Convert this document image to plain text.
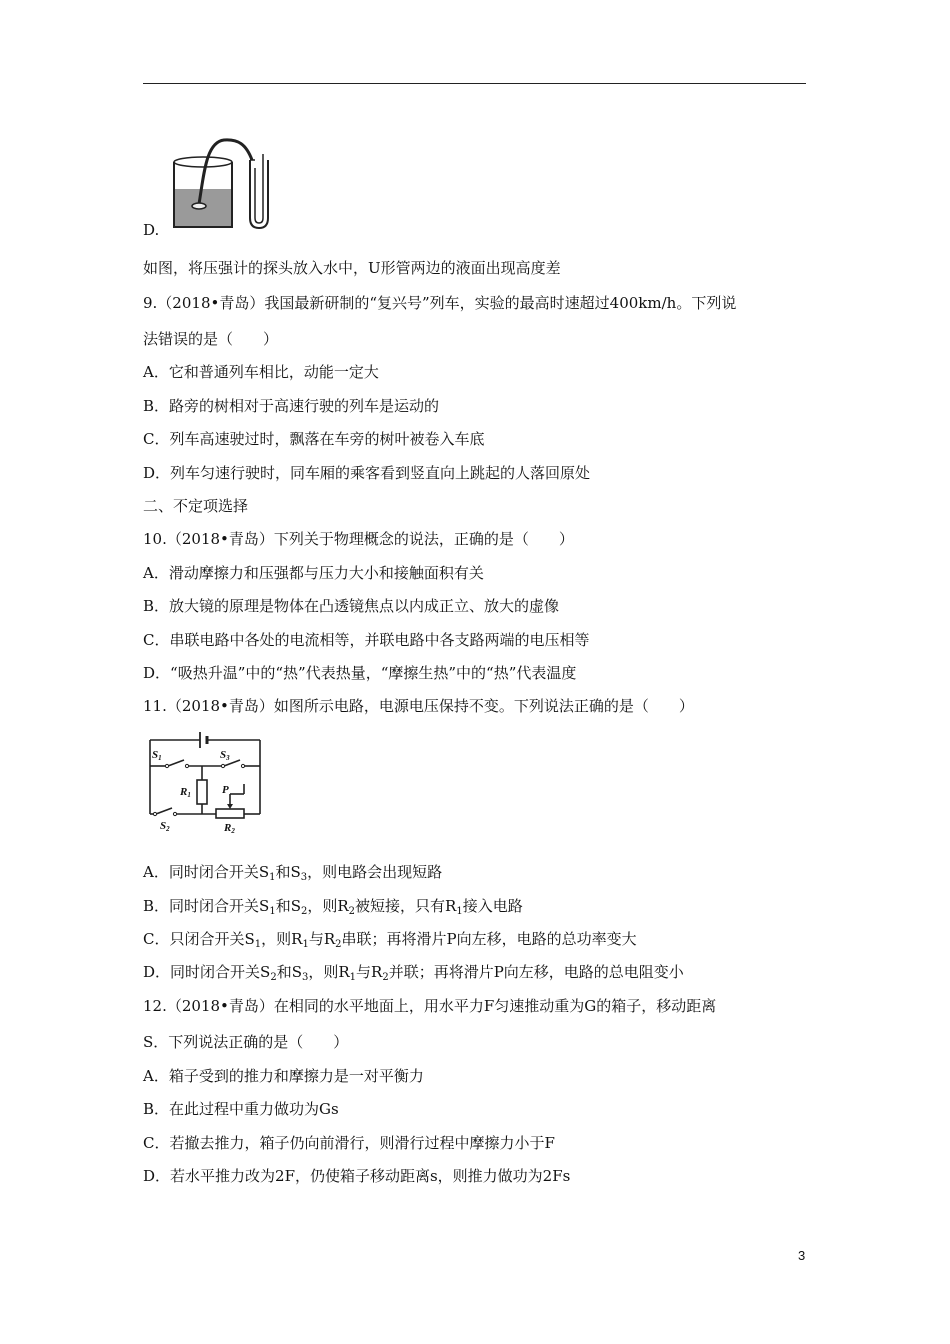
D.
如图，将压强计的探头放入水中，U形管两边的液面出现高度差
9.（2018•青岛）我国最新研制的“复兴号”列车，实验的最高时速超过400km/h。下列说
法错误的是（　　）
A．它和普通列车相比，动能一定大
B．路旁的树相对于高速行驶的列车是运动的
C．列车高速驶过时，飘落在车旁的树叶被卷入车底
D．列车匀速行驶时，同车厢的乘客看到竖直向上跳起的人落回原处
二、不定项选择
10.（2018•青岛）下列关于物理概念的说法，正确的是（　　）
A．滑动摩擦力和压强都与压力大小和接触面积有关
B．放大镜的原理是物体在凸透镜焦点以内成正立、放大的虚像
C．串联电路中各处的电流相等，并联电路中各支路两端的电压相等
D．“吸热升温”中的“热”代表热量，“摩擦生热”中的“热”代表温度
11.（2018•青岛）如图所示电路，电源电压保持不变。下列说法正确的是（　　）
S1	S3
R1	P
S2	R2
A．同时闭合开关$S_1$和$S_3$，则电路会出现短路
B．同时闭合开关$S_1$和$S_2$，则$R_2$被短接，只有$R_1$接入电路
C．只闭合开关$S_1$，则$R_1$与$R_2$串联；再将滑片P向左移，电路的总功率变大
D．同时闭合开关$S_2$和$S_3$，则$R_1$与$R_2$并联；再将滑片P向左移，电路的总电阻变小
12.（2018•青岛）在相同的水平地面上，用水平力F匀速推动重为G的箱子，移动距离
S．下列说法正确的是（　　）
A．箱子受到的推力和摩擦力是一对平衡力
B．在此过程中重力做功为Gs
C．若撤去推力，箱子仍向前滑行，则滑行过程中摩擦力小于F
D．若水平推力改为2F，仍使箱子移动距离s，则推力做功为2Fs
3
